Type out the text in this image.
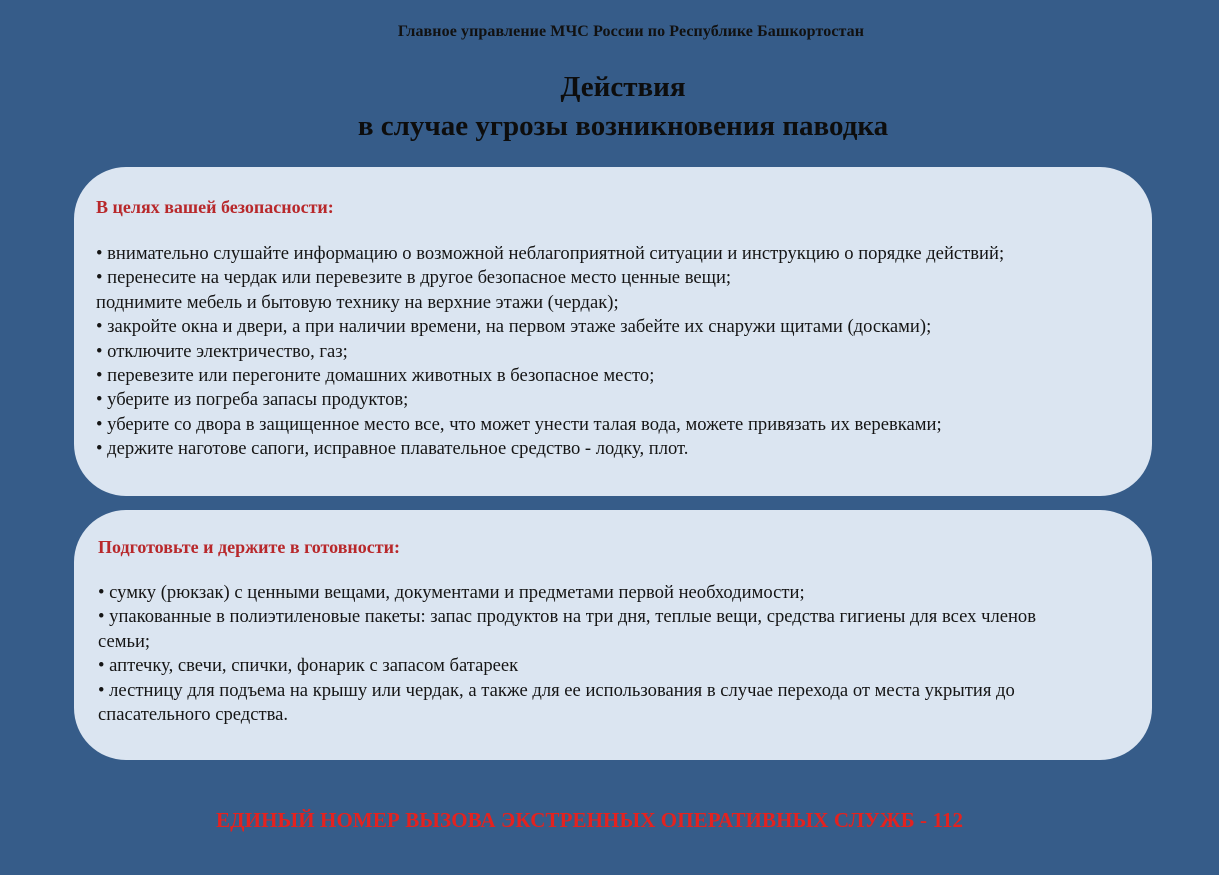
Главное управление МЧС России по Республике Башкортостан
Действия
в случае угрозы возникновения паводка
В целях вашей безопасности:
• внимательно слушайте информацию о возможной неблагоприятной ситуации и инструкцию о порядке действий;
• перенесите на чердак или перевезите в другое безопасное место ценные вещи;
поднимите мебель и бытовую технику на верхние этажи (чердак);
• закройте окна и двери, а при наличии времени, на первом этаже забейте их снаружи щитами (досками);
• отключите электричество, газ;
• перевезите или перегоните домашних животных в безопасное место;
• уберите из погреба запасы продуктов;
• уберите со двора в защищенное место все, что может унести талая вода, можете привязать их веревками;
• держите наготове сапоги, исправное плавательное средство - лодку, плот.
Подготовьте и держите в готовности:
• сумку (рюкзак) с ценными вещами, документами и предметами первой необходимости;
• упакованные в полиэтиленовые пакеты: запас продуктов на три дня, теплые вещи, средства гигиены для всех членов
семьи;
• аптечку, свечи, спички, фонарик с запасом батареек
• лестницу для подъема на крышу или чердак, а также для ее использования в случае перехода от места укрытия до
спасательного средства.
ЕДИНЫЙ НОМЕР ВЫЗОВА ЭКСТРЕННЫХ ОПЕРАТИВНЫХ СЛУЖБ - 112
